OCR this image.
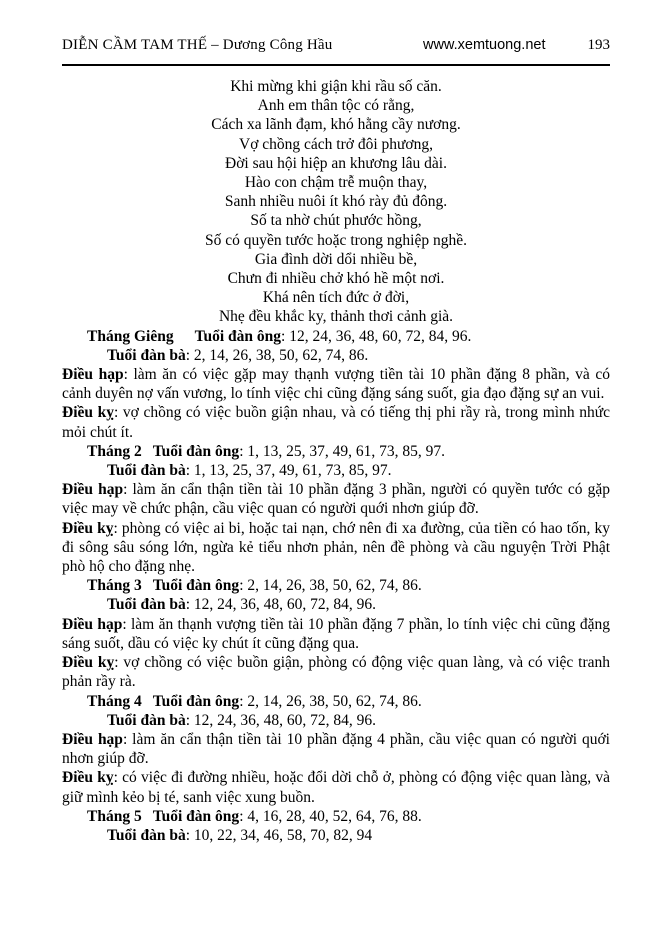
DIỄN CẦM TAM THẾ – Dương Công Hầu	www.xemtuong.net	193
Khi mừng khi giận khi rầu số căn.
Anh em thân tộc có rằng,
Cách xa lãnh đạm, khó hằng cầy nương.
Vợ chồng cách trở đôi phương,
Đời sau hội hiệp an khương lâu dài.
Hào con chậm trễ muộn thay,
Sanh nhiều nuôi ít khó rày đủ đông.
Số ta nhờ chút phước hồng,
Số có quyền tước hoặc trong nghiệp nghề.
Gia đình dời dổi nhiều bề,
Chưn đi nhiều chở khó hề một nơi.
Khá nên tích đức ở đời,
Nhẹ đều khắc ky, thảnh thơi cảnh già.

Tháng Giêng Tuổi đàn ông: 12, 24, 36, 48, 60, 72, 84, 96.

Tuổi đàn bà: 2, 14, 26, 38, 50, 62, 74, 86.

Điều hạp: làm ăn có việc gặp may thạnh vượng tiền tài 10 phần đặng 8 phần, và có cảnh duyên nợ vấn vương, lo tính việc chi cũng đặng sáng suốt, gia đạo đặng sự an vui.

Điều kỵ: vợ chồng có việc buồn giận nhau, và có tiếng thị phi rầy rà, trong mình nhức mỏi chút ít.

Tháng 2 Tuổi đàn ông: 1, 13, 25, 37, 49, 61, 73, 85, 97.

Tuổi đàn bà: 1, 13, 25, 37, 49, 61, 73, 85, 97.

Điều hạp: làm ăn cẩn thận tiền tài 10 phần đặng 3 phần, người có quyền tước có gặp việc may về chức phận, cầu việc quan có người quới nhơn giúp đỡ.

Điều kỵ: phòng có việc ai bi, hoặc tai nạn, chớ nên đi xa đường, của tiền có hao tốn, ky đi sông sâu sóng lớn, ngừa kẻ tiểu nhơn phản, nên đề phòng và cầu nguyện Trời Phật phò hộ cho đặng nhẹ.

Tháng 3 Tuổi đàn ông: 2, 14, 26, 38, 50, 62, 74, 86.

Tuổi đàn bà: 12, 24, 36, 48, 60, 72, 84, 96.

Điều hạp: làm ăn thạnh vượng tiền tài 10 phần đặng 7 phần, lo tính việc chi cũng đặng sáng suốt, dầu có việc ky chút ít cũng đặng qua.

Điều kỵ: vợ chồng có việc buồn giận, phòng có động việc quan làng, và có việc tranh phản rầy rà.

Tháng 4 Tuổi đàn ông: 2, 14, 26, 38, 50, 62, 74, 86.

Tuổi đàn bà: 12, 24, 36, 48, 60, 72, 84, 96.

Điều hạp: làm ăn cẩn thận tiền tài 10 phần đặng 4 phần, cầu việc quan có người quới nhơn giúp đỡ.

Điều kỵ: có việc đi đường nhiều, hoặc đổi dời chỗ ở, phòng có động việc quan làng, và giữ mình kẻo bị té, sanh việc xung buồn.

Tháng 5 Tuổi đàn ông: 4, 16, 28, 40, 52, 64, 76, 88.

Tuổi đàn bà: 10, 22, 34, 46, 58, 70, 82, 94
